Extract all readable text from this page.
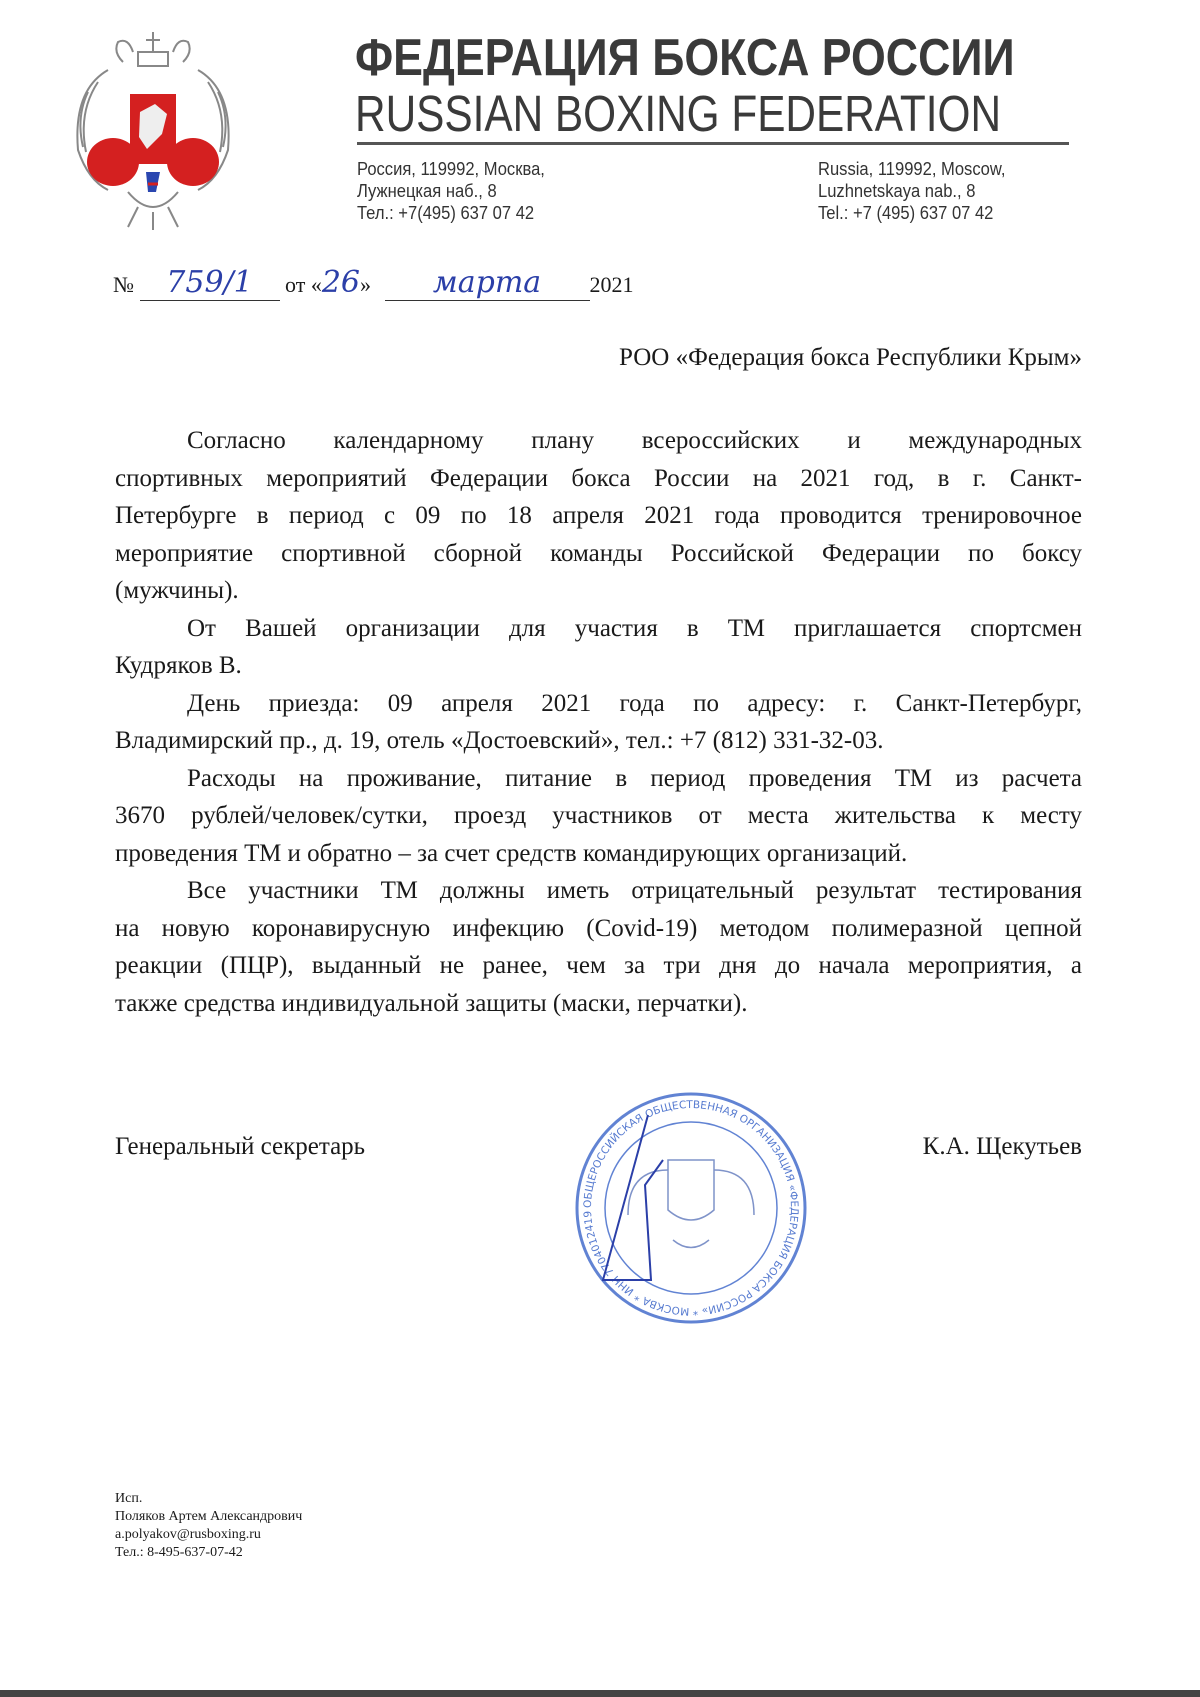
ФЕДЕРАЦИЯ БОКСА РОССИИ
RUSSIAN BOXING FEDERATION
Россия, 119992, Москва,
Лужнецкая наб., 8
Тел.: +7(495) 637 07 42
Russia, 119992, Moscow,
Luzhnetskaya nab., 8
Tel.: +7 (495) 637 07 42
№ 759/1 от «26» марта 2021
РОО «Федерация бокса Республики Крым»
Согласно календарному плану всероссийских и международных
спортивных мероприятий Федерации бокса России на 2021 год, в г. Санкт-
Петербурге в период с 09 по 18 апреля 2021 года проводится тренировочное
мероприятие спортивной сборной команды Российской Федерации по боксу
(мужчины).
От Вашей организации для участия в ТМ приглашается спортсмен
Кудряков В.
День приезда: 09 апреля 2021 года по адресу: г. Санкт-Петербург,
Владимирский пр., д. 19, отель «Достоевский», тел.: +7 (812) 331-32-03.
Расходы на проживание, питание в период проведения ТМ из расчета
3670 рублей/человек/сутки, проезд участников от места жительства к месту
проведения ТМ и обратно – за счет средств командирующих организаций.
Все участники ТМ должны иметь отрицательный результат тестирования
на новую коронавирусную инфекцию (Covid-19) методом полимеразной цепной
реакции (ПЦР), выданный не ранее, чем за три дня до начала мероприятия, а
также средства индивидуальной защиты (маски, перчатки).
Генеральный секретарь	К.А. Щекутьев
ОБЩЕРОССИЙСКАЯ ОБЩЕСТВЕННАЯ ОРГАНИЗАЦИЯ «ФЕДЕРАЦИЯ БОКСА РОССИИ» * МОСКВА * ИНН 7704012419
Исп.
Поляков Артем Александрович
a.polyakov@rusboxing.ru
Тел.: 8-495-637-07-42
